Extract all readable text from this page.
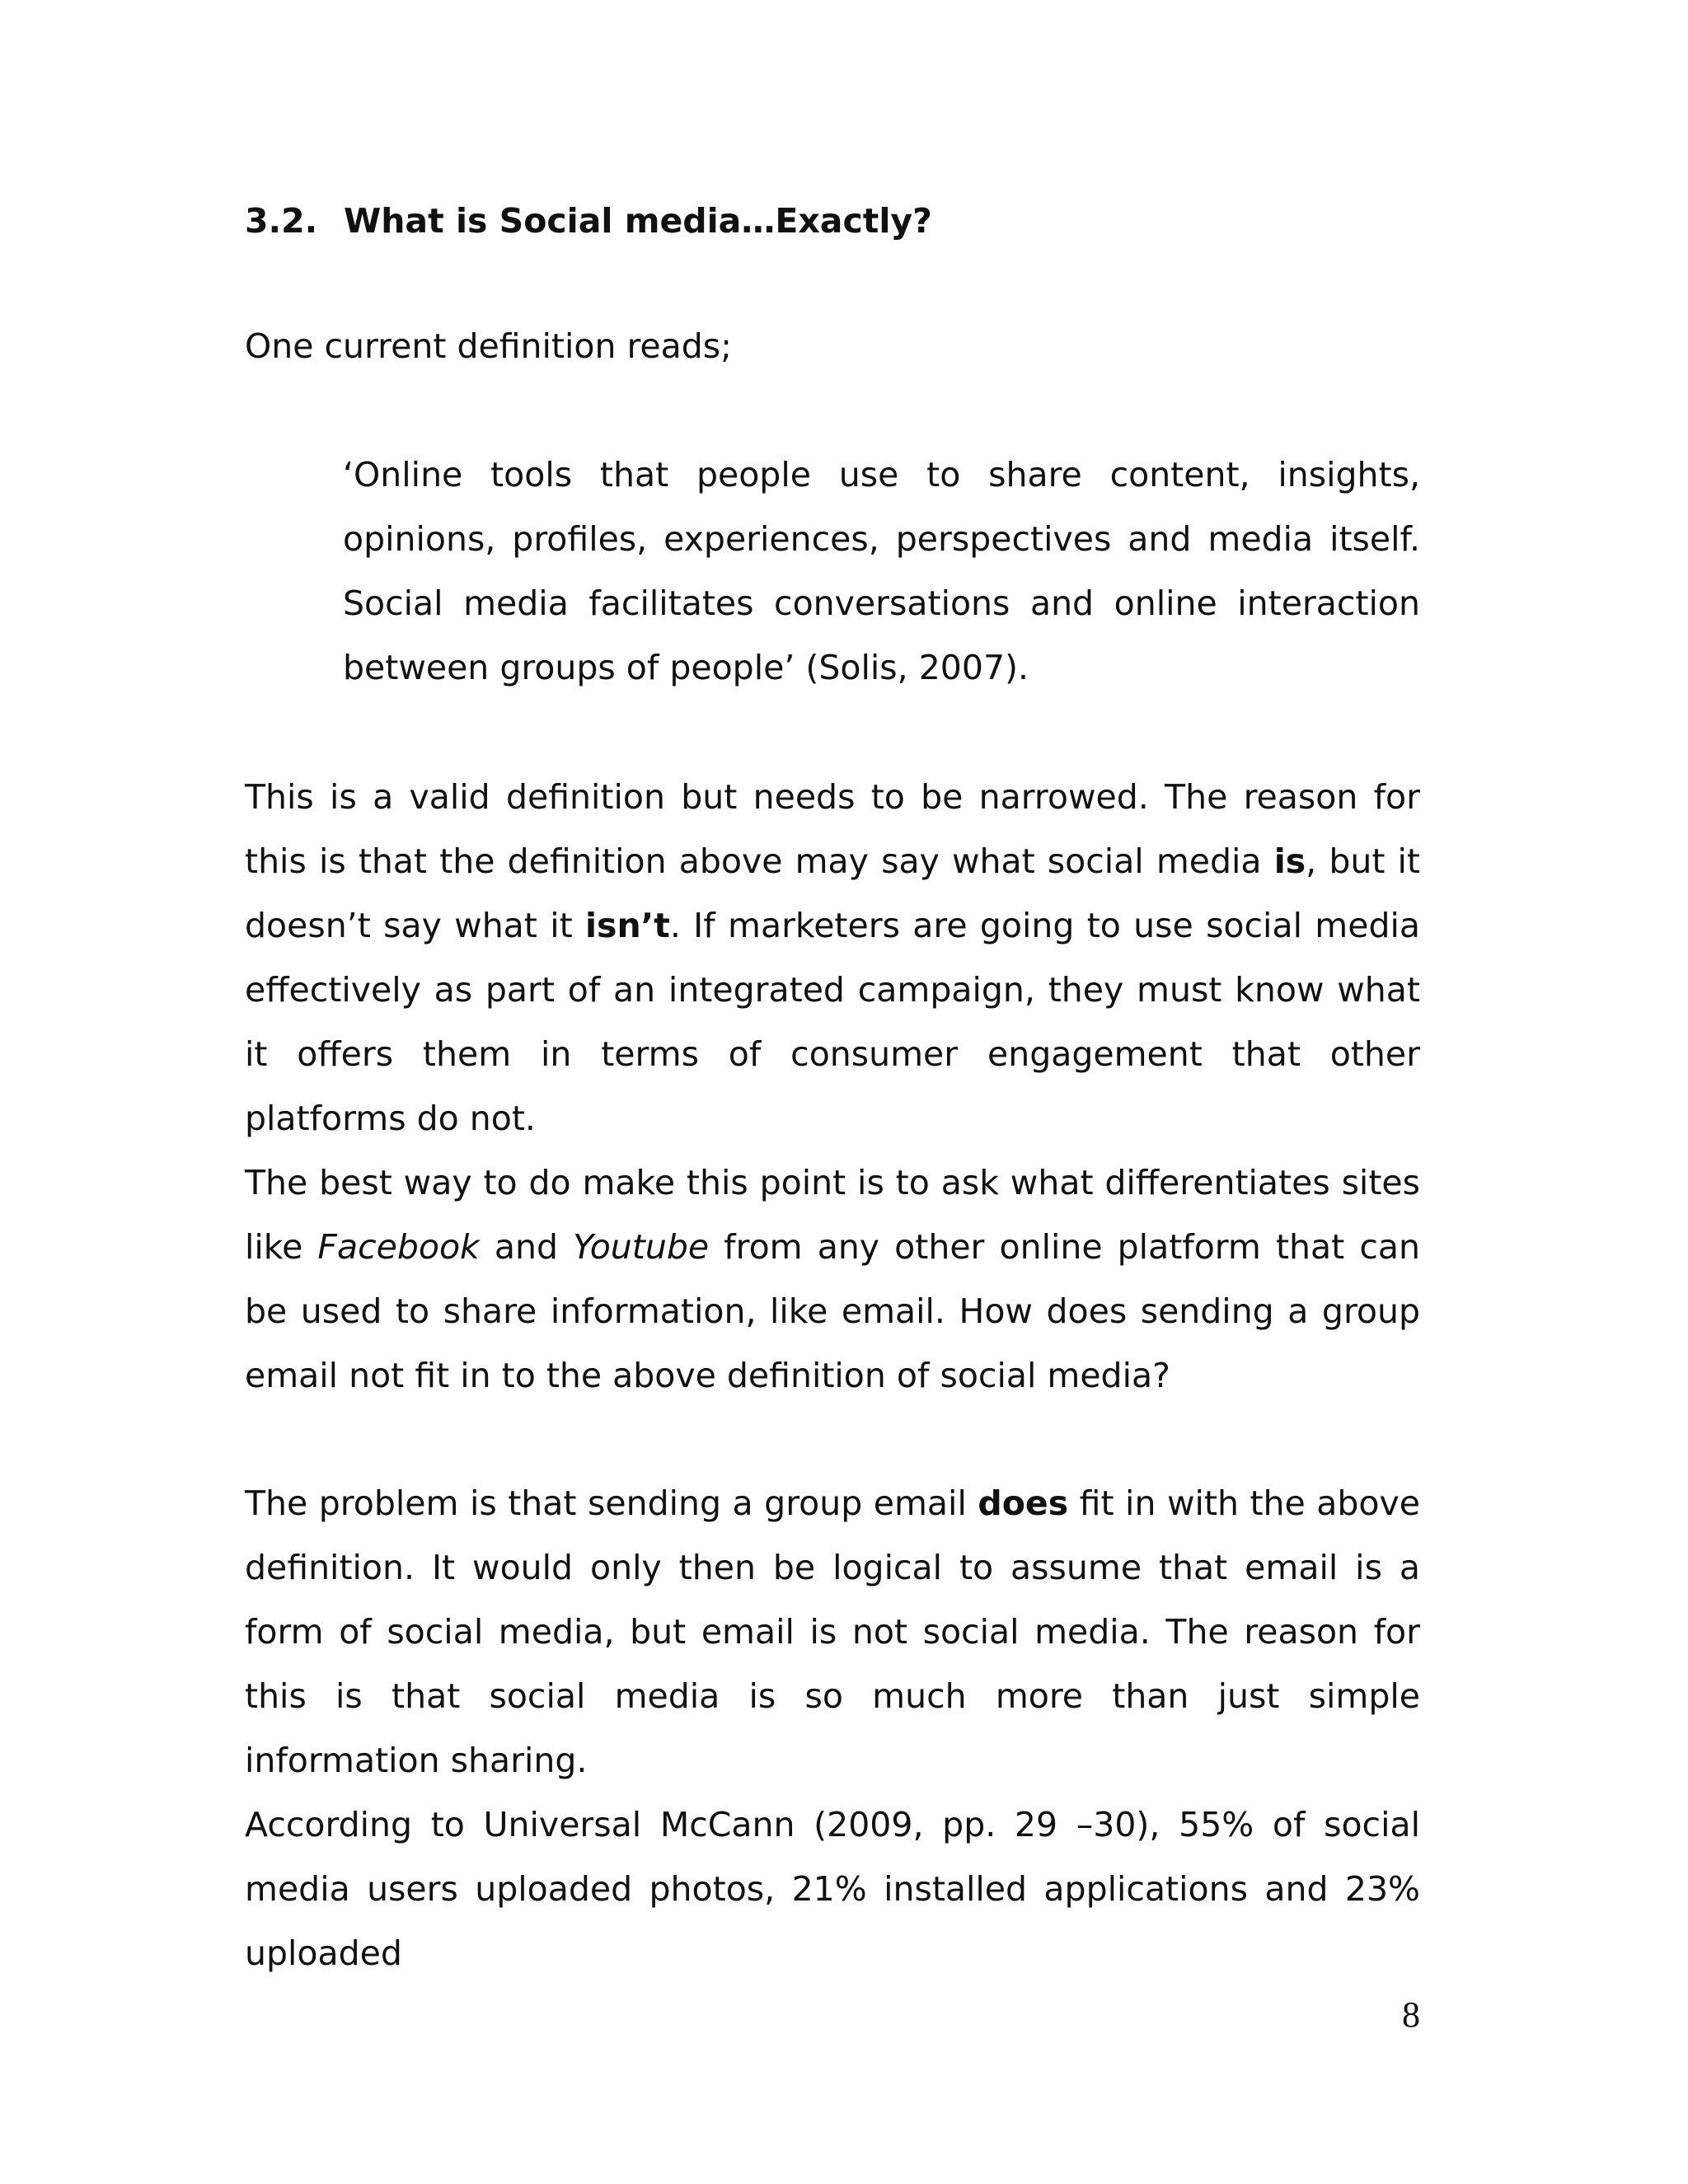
3.2. What is Social media…Exactly?

One current definition reads;

‘Online tools that people use to share content, insights, opinions, profiles, experiences, perspectives and media itself. Social media facilitates conversations and online interaction between groups of people’ (Solis, 2007).

This is a valid definition but needs to be narrowed. The reason for this is that the definition above may say what social media is, but it doesn’t say what it isn’t. If marketers are going to use social media effectively as part of an integrated campaign, they must know what it offers them in terms of consumer engagement that other platforms do not.

The best way to do make this point is to ask what differentiates sites like Facebook and Youtube from any other online platform that can be used to share information, like email. How does sending a group email not fit in to the above definition of social media?

The problem is that sending a group email does fit in with the above definition. It would only then be logical to assume that email is a form of social media, but email is not social media. The reason for this is that social media is so much more than just simple information sharing.

According to Universal McCann (2009, pp. 29 –30), 55% of social media users uploaded photos, 21% installed applications and 23% uploaded

8
